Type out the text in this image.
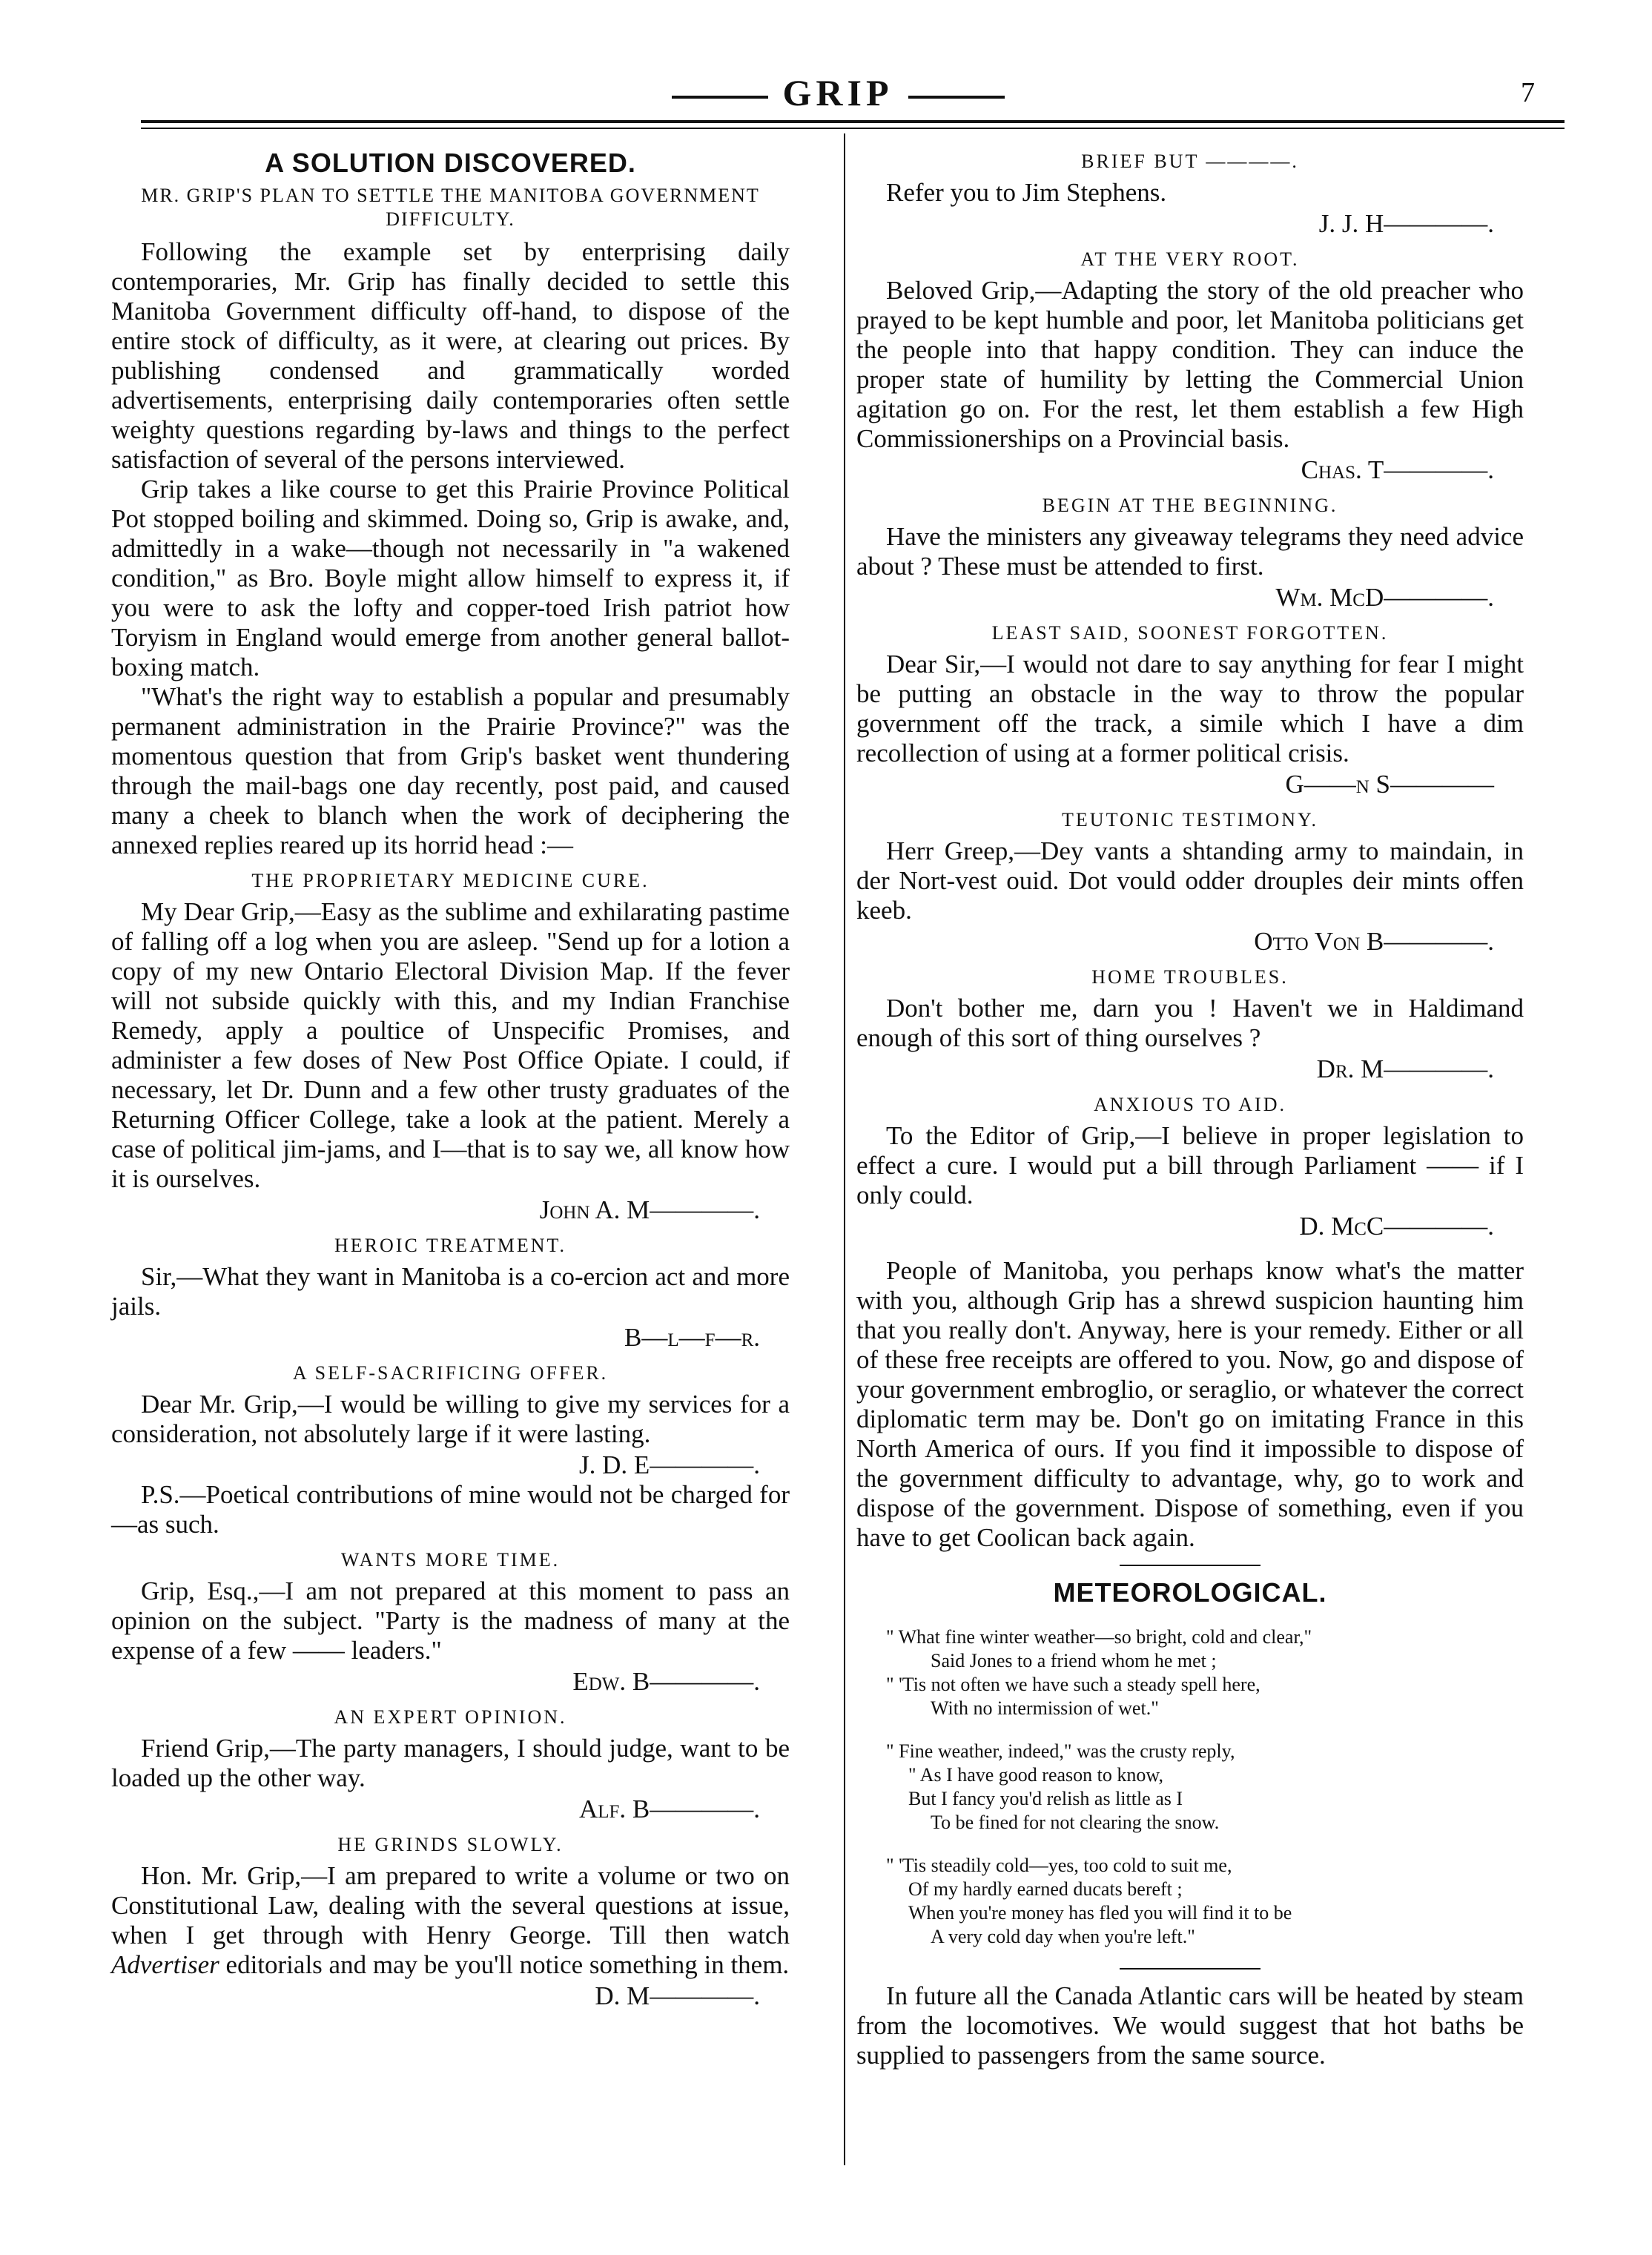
GRIP	7
A SOLUTION DISCOVERED.
MR. GRIP'S PLAN TO SETTLE THE MANITOBA GOVERNMENT DIFFICULTY.

Following the example set by enterprising daily contemporaries, Mr. Grip has finally decided to settle this Manitoba Government difficulty off-hand, to dispose of the entire stock of difficulty, as it were, at clearing out prices. By publishing condensed and grammatically worded advertisements, enterprising daily contemporaries often settle weighty questions regarding by-laws and things to the perfect satisfaction of several of the persons interviewed.

Grip takes a like course to get this Prairie Province Political Pot stopped boiling and skimmed. Doing so, Grip is awake, and, admittedly in a wake—though not necessarily in "a wakened condition," as Bro. Boyle might allow himself to express it, if you were to ask the lofty and copper-toed Irish patriot how Toryism in England would emerge from another general ballot-boxing match.

"What's the right way to establish a popular and presumably permanent administration in the Prairie Province?" was the momentous question that from Grip's basket went thundering through the mail-bags one day recently, post paid, and caused many a cheek to blanch when the work of deciphering the annexed replies reared up its horrid head :—

THE PROPRIETARY MEDICINE CURE.

My Dear Grip,—Easy as the sublime and exhilarating pastime of falling off a log when you are asleep. "Send up for a lotion a copy of my new Ontario Electoral Division Map. If the fever will not subside quickly with this, and my Indian Franchise Remedy, apply a poultice of Unspecific Promises, and administer a few doses of New Post Office Opiate. I could, if necessary, let Dr. Dunn and a few other trusty graduates of the Returning Officer College, take a look at the patient. Merely a case of political jim-jams, and I—that is to say we, all know how it is ourselves.

John A. M————.
HEROIC TREATMENT.

Sir,—What they want in Manitoba is a co-ercion act and more jails.

B—l—f—r.
A SELF-SACRIFICING OFFER.

Dear Mr. Grip,—I would be willing to give my services for a consideration, not absolutely large if it were lasting.

J. D. E————.

P.S.—Poetical contributions of mine would not be charged for—as such.

WANTS MORE TIME.

Grip, Esq.,—I am not prepared at this moment to pass an opinion on the subject. "Party is the madness of many at the expense of a few —— leaders."

Edw. B————.
AN EXPERT OPINION.

Friend Grip,—The party managers, I should judge, want to be loaded up the other way.

Alf. B————.
HE GRINDS SLOWLY.

Hon. Mr. Grip,—I am prepared to write a volume or two on Constitutional Law, dealing with the several questions at issue, when I get through with Henry George. Till then watch Advertiser editorials and may be you'll notice something in them.

D. M————.
BRIEF BUT ————.

Refer you to Jim Stephens.

J. J. H————.
AT THE VERY ROOT.

Beloved Grip,—Adapting the story of the old preacher who prayed to be kept humble and poor, let Manitoba politicians get the people into that happy condition. They can induce the proper state of humility by letting the Commercial Union agitation go on. For the rest, let them establish a few High Commissionerships on a Provincial basis.

Chas. T————.
BEGIN AT THE BEGINNING.

Have the ministers any giveaway telegrams they need advice about ? These must be attended to first.

Wm. McD————.
LEAST SAID, SOONEST FORGOTTEN.

Dear Sir,—I would not dare to say anything for fear I might be putting an obstacle in the way to throw the popular government off the track, a simile which I have a dim recollection of using at a former political crisis.

G——n S————
TEUTONIC TESTIMONY.

Herr Greep,—Dey vants a shtanding army to maindain, in der Nort-vest ouid. Dot vould odder drouples deir mints offen keeb.

Otto Von B————.
HOME TROUBLES.

Don't bother me, darn you ! Haven't we in Haldimand enough of this sort of thing ourselves ?

Dr. M————.
ANXIOUS TO AID.

To the Editor of Grip,—I believe in proper legislation to effect a cure. I would put a bill through Parliament —— if I only could.

D. McC————.

People of Manitoba, you perhaps know what's the matter with you, although Grip has a shrewd suspicion haunting him that you really don't. Anyway, here is your remedy. Either or all of these free receipts are offered to you. Now, go and dispose of your government embroglio, or seraglio, or whatever the correct diplomatic term may be. Don't go on imitating France in this North America of ours. If you find it impossible to dispose of the government difficulty to advantage, why, go to work and dispose of the government. Dispose of something, even if you have to get Coolican back again.

METEOROLOGICAL.
" What fine winter weather—so bright, cold and clear,"
Said Jones to a friend whom he met ;
" 'Tis not often we have such a steady spell here,
With no intermission of wet."
" Fine weather, indeed," was the crusty reply,
" As I have good reason to know,
But I fancy you'd relish as little as I
To be fined for not clearing the snow.
" 'Tis steadily cold—yes, too cold to suit me,
Of my hardly earned ducats bereft ;
When you're money has fled you will find it to be
A very cold day when you're left."

In future all the Canada Atlantic cars will be heated by steam from the locomotives. We would suggest that hot baths be supplied to passengers from the same source.
